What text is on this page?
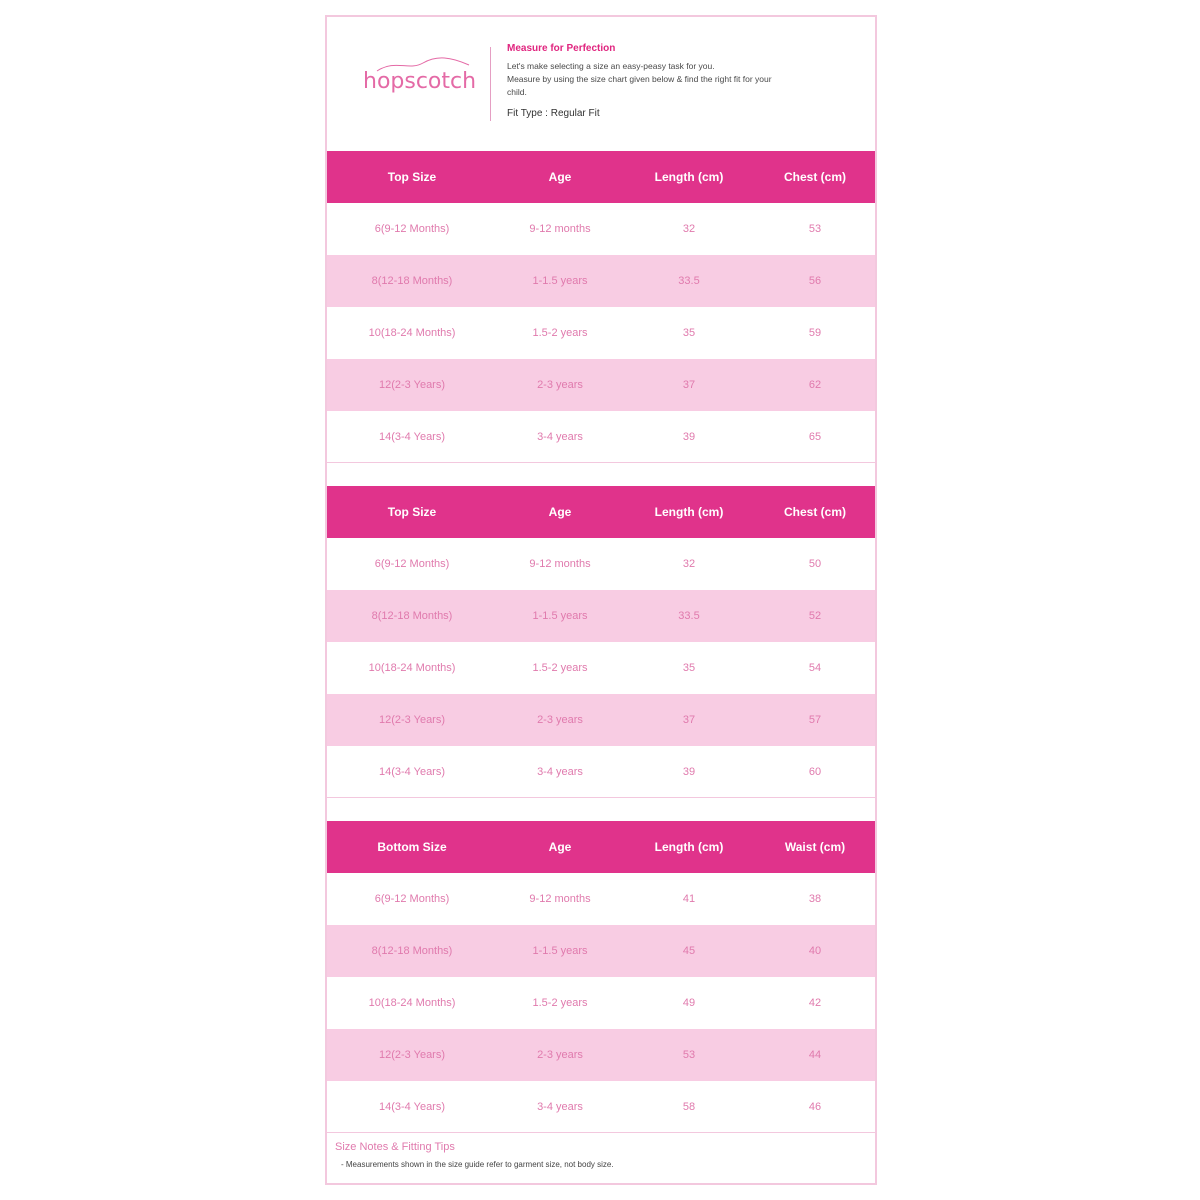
hopscotch
Measure for Perfection
Let's make selecting a size an easy-peasy task for you.
Measure by using the size chart given below & find the right fit for your
child.
Fit Type : Regular Fit
Top Size	Age	Length (cm)	Chest (cm)
6(9-12 Months)	9-12 months	32	53
8(12-18 Months)	1-1.5 years	33.5	56
10(18-24 Months)	1.5-2 years	35	59
12(2-3 Years)	2-3 years	37	62
14(3-4 Years)	3-4 years	39	65
Top Size	Age	Length (cm)	Chest (cm)
6(9-12 Months)	9-12 months	32	50
8(12-18 Months)	1-1.5 years	33.5	52
10(18-24 Months)	1.5-2 years	35	54
12(2-3 Years)	2-3 years	37	57
14(3-4 Years)	3-4 years	39	60
Bottom Size	Age	Length (cm)	Waist (cm)
6(9-12 Months)	9-12 months	41	38
8(12-18 Months)	1-1.5 years	45	40
10(18-24 Months)	1.5-2 years	49	42
12(2-3 Years)	2-3 years	53	44
14(3-4 Years)	3-4 years	58	46
Size Notes & Fitting Tips
- Measurements shown in the size guide refer to garment size, not body size.
